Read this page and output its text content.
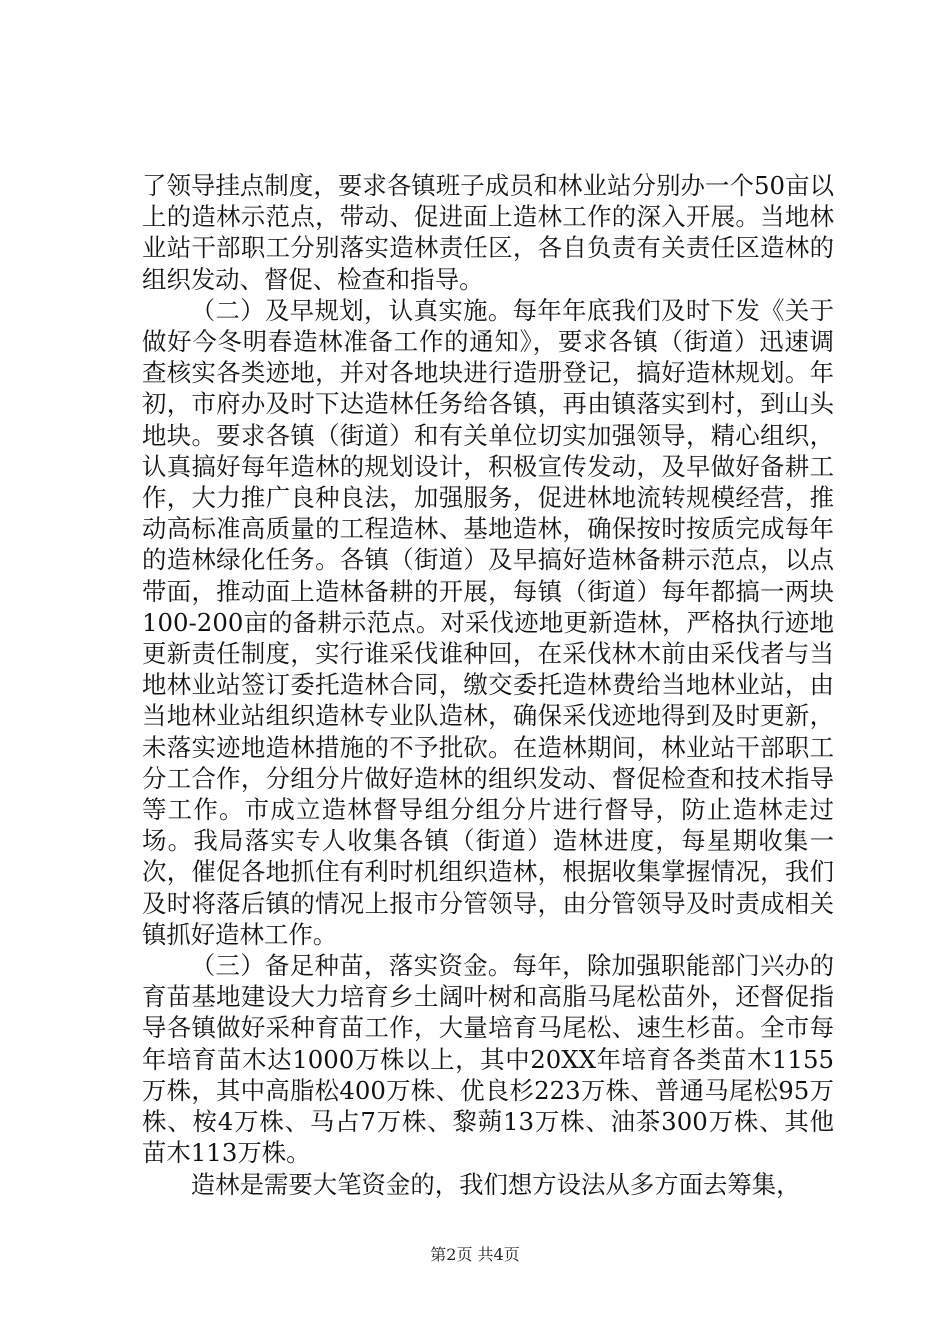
了领导挂点制度，要求各镇班子成员和林业站分别办一个50亩以上的造林示范点，带动、促进面上造林工作的深入开展。当地林业站干部职工分别落实造林责任区，各自负责有关责任区造林的组织发动、督促、检查和指导。

（二）及早规划，认真实施。每年年底我们及时下发《关于做好今冬明春造林准备工作的通知》，要求各镇（街道）迅速调查核实各类迹地，并对各地块进行造册登记，搞好造林规划。年初，市府办及时下达造林任务给各镇，再由镇落实到村，到山头地块。要求各镇（街道）和有关单位切实加强领导，精心组织，认真搞好每年造林的规划设计，积极宣传发动，及早做好备耕工作，大力推广良种良法，加强服务，促进林地流转规模经营，推动高标准高质量的工程造林、基地造林，确保按时按质完成每年的造林绿化任务。各镇（街道）及早搞好造林备耕示范点，以点带面，推动面上造林备耕的开展，每镇（街道）每年都搞一两块100-200亩的备耕示范点。对采伐迹地更新造林，严格执行迹地更新责任制度，实行谁采伐谁种回，在采伐林木前由采伐者与当地林业站签订委托造林合同，缴交委托造林费给当地林业站，由当地林业站组织造林专业队造林，确保采伐迹地得到及时更新，未落实迹地造林措施的不予批砍。在造林期间，林业站干部职工分工合作，分组分片做好造林的组织发动、督促检查和技术指导等工作。市成立造林督导组分组分片进行督导，防止造林走过场。我局落实专人收集各镇（街道）造林进度，每星期收集一次，催促各地抓住有利时机组织造林，根据收集掌握情况，我们及时将落后镇的情况上报市分管领导，由分管领导及时责成相关镇抓好造林工作。

（三）备足种苗，落实资金。每年，除加强职能部门兴办的育苗基地建设大力培育乡土阔叶树和高脂马尾松苗外，还督促指导各镇做好采种育苗工作，大量培育马尾松、速生杉苗。全市每年培育苗木达1000万株以上，其中20XX年培育各类苗木1155万株，其中高脂松400万株、优良杉223万株、普通马尾松95万株、桉4万株、马占7万株、黎蒴13万株、油茶300万株、其他苗木113万株。

造林是需要大笔资金的，我们想方设法从多方面去筹集，

第2页 共4页
